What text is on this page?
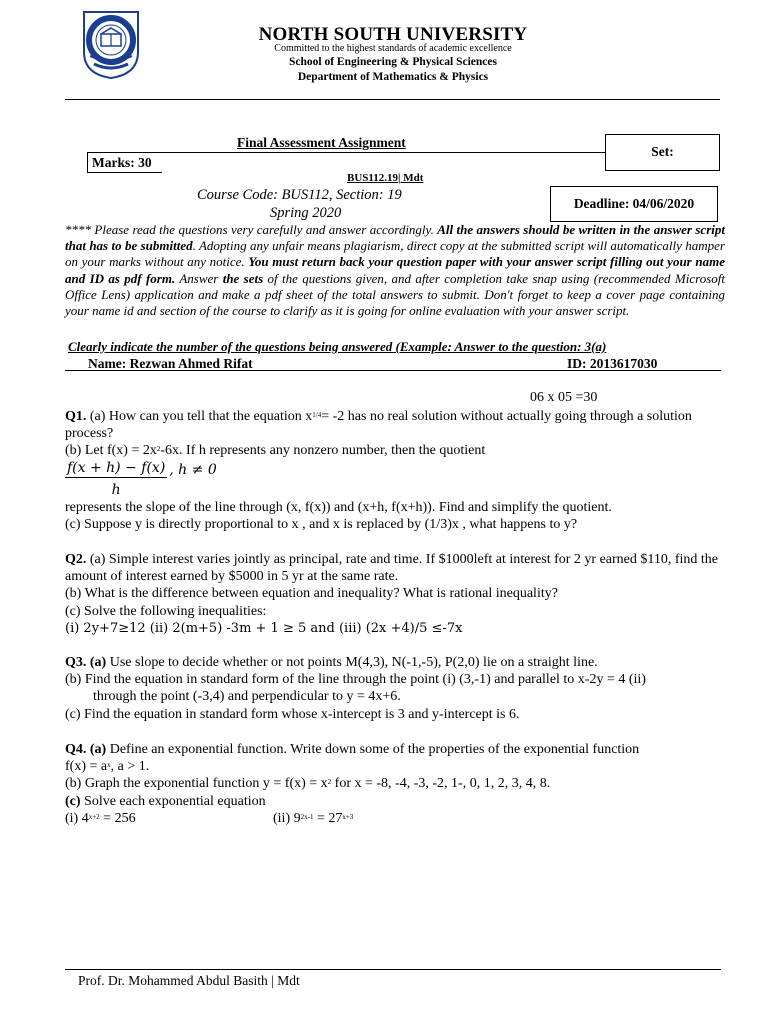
NORTH SOUTH UNIVERSITY
Committed to the highest standards of academic excellence
School of Engineering & Physical Sciences
Department of Mathematics & Physics
Final Assessment Assignment
Marks: 30
Set:
BUS112.19| Mdt
Course Code: BUS112, Section: 19
Spring 2020
Deadline: 04/06/2020
**** Please read the questions very carefully and answer accordingly. All the answers should be written in the answer script that has to be submitted. Adopting any unfair means plagiarism, direct copy at the submitted script will automatically hamper on your marks without any notice. You must return back your question paper with your answer script filling out your name and ID as pdf form. Answer the sets of the questions given, and after completion take snap using (recommended Microsoft Office Lens) application and make a pdf sheet of the total answers to submit. Don't forget to keep a cover page containing your name id and section of the course to clarify as it is going for online evaluation with your answer script.
Clearly indicate the number of the questions being answered (Example: Answer to the question: 3(a)
Name: Rezwan Ahmed Rifat	ID: 2013617030
06 x 05 =30

Q1. (a) How can you tell that the equation $x^{1/4}= -2$ has no real solution without actually going through a solution process?

(b) Let $f(x) = 2x^2-6x$. If h represents any nonzero number, then the quotient

$\frac{f(x + h) - f(x)}{h}$ , h ≠ 0

represents the slope of the line through (x, f(x)) and (x+h, f(x+h)). Find and simplify the quotient.

(c) Suppose y is directly proportional to x , and x is replaced by (1/3)x , what happens to y?

Q2. (a) Simple interest varies jointly as principal, rate and time. If $1000left at interest for 2 yr earned $110, find the amount of interest earned by $5000 in 5 yr at the same rate.

(b) What is the difference between equation and inequality? What is rational inequality?

(c) Solve the following inequalities:

(i) 2y+7≥12 (ii) 2(m+5) -3m + 1 ≥ 5 and (iii) (2x +4)/5 ≤-7x

Q3. (a) Use slope to decide whether or not points M(4,3), N(-1,-5), P(2,0) lie on a straight line.

(b) Find the equation in standard form of the line through the point (i) (3,-1) and parallel to x-2y = 4 (ii)

through the point (-3,4) and perpendicular to y = 4x+6.

(c) Find the equation in standard form whose x-intercept is 3 and y-intercept is 6.

Q4. (a) Define an exponential function. Write down some of the properties of the exponential function

$f(x) = a^x$, a > 1.

(b) Graph the exponential function $y = f(x) = x^2$ for x = -8, -4, -3, -2, 1-, 0, 1, 2, 3, 4, 8.

(c) Solve each exponential equation

(i) $4^{x+2} = 256$	(ii) $9^{2x-1} = 27^{x+3}$

Prof. Dr. Mohammed Abdul Basith | Mdt
